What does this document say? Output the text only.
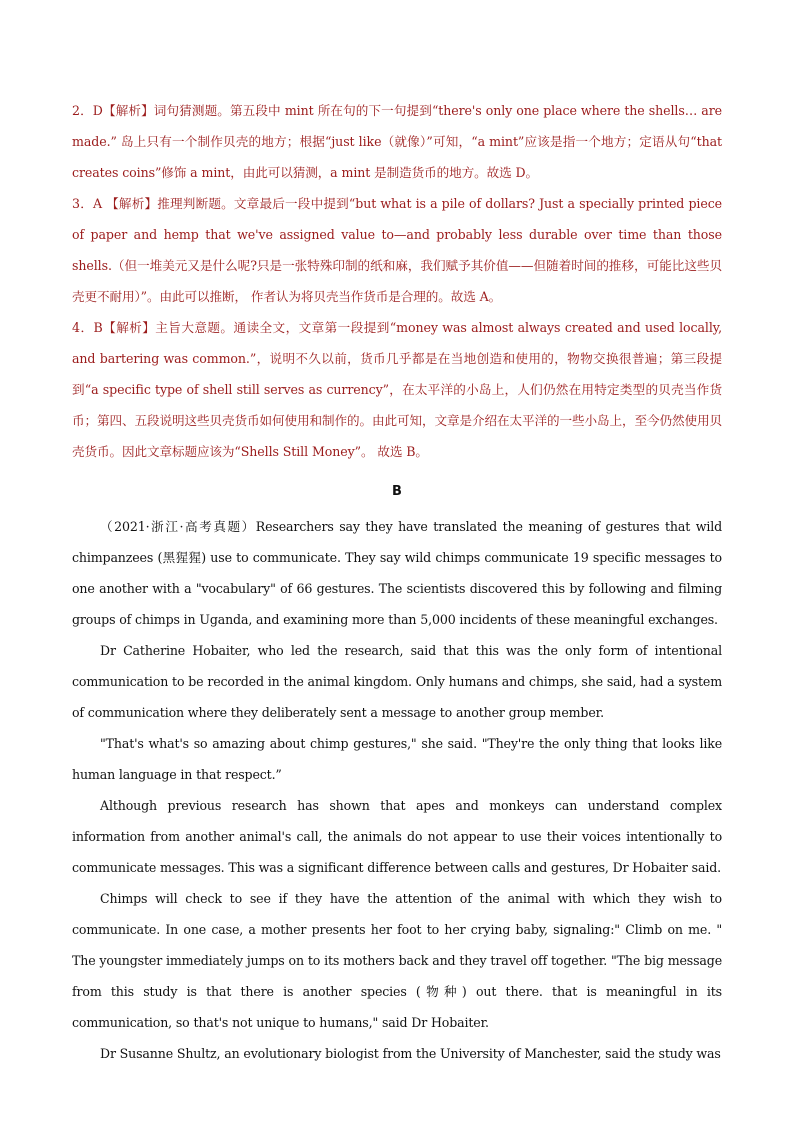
2．D【解析】词句猜测题。第五段中 mint 所在句的下一句提到“there's only one place where the shells… are made.” 岛上只有一个制作贝壳的地方；根据“just like（就像）”可知，“a mint”应该是指一个地方；定语从句“that creates coins”修饰 a mint，由此可以猜测，a mint 是制造货币的地方。故选 D。

3．A 【解析】推理判断题。文章最后一段中提到“but what is a pile of dollars? Just a specially printed piece of paper and hemp that we've assigned value to—and probably less durable over time than those shells.（但一堆美元又是什么呢?只是一张特殊印制的纸和麻，我们赋予其价值——但随着时间的推移，可能比这些贝壳更不耐用）”。由此可以推断， 作者认为将贝壳当作货币是合理的。故选 A。

4．B【解析】主旨大意题。通读全文，文章第一段提到“money was almost always created and used locally, and bartering was common.”，说明不久以前，货币几乎都是在当地创造和使用的，物物交换很普遍；第三段提到“a specific type of shell still serves as currency”，在太平洋的小岛上，人们仍然在用特定类型的贝壳当作货币；第四、五段说明这些贝壳货币如何使用和制作的。由此可知，文章是介绍在太平洋的一些小岛上，至今仍然使用贝壳货币。因此文章标题应该为“Shells Still Money”。 故选 B。

B

（2021·浙江·高考真题）Researchers say they have translated the meaning of gestures that wild chimpanzees (黑猩猩) use to communicate. They say wild chimps communicate 19 specific messages to one another with a "vocabulary" of 66 gestures. The scientists discovered this by following and filming groups of chimps in Uganda, and examining more than 5,000 incidents of these meaningful exchanges.

Dr Catherine Hobaiter, who led the research, said that this was the only form of intentional communication to be recorded in the animal kingdom. Only humans and chimps, she said, had a system of communication where they deliberately sent a message to another group member.

"That's what's so amazing about chimp gestures," she said. "They're the only thing that looks like human language in that respect.”

Although previous research has shown that apes and monkeys can understand complex information from another animal's call, the animals do not appear to use their voices intentionally to communicate messages. This was a significant difference between calls and gestures, Dr Hobaiter said.

Chimps will check to see if they have the attention of the animal with which they wish to communicate. In one case, a mother presents her foot to her crying baby, signaling:" Climb on me. " The youngster immediately jumps on to its mothers back and they travel off together. "The big message from this study is that there is another species (物种) out there. that is meaningful in its communication, so that's not unique to humans," said Dr Hobaiter.

Dr Susanne Shultz, an evolutionary biologist from the University of Manchester, said the study was
